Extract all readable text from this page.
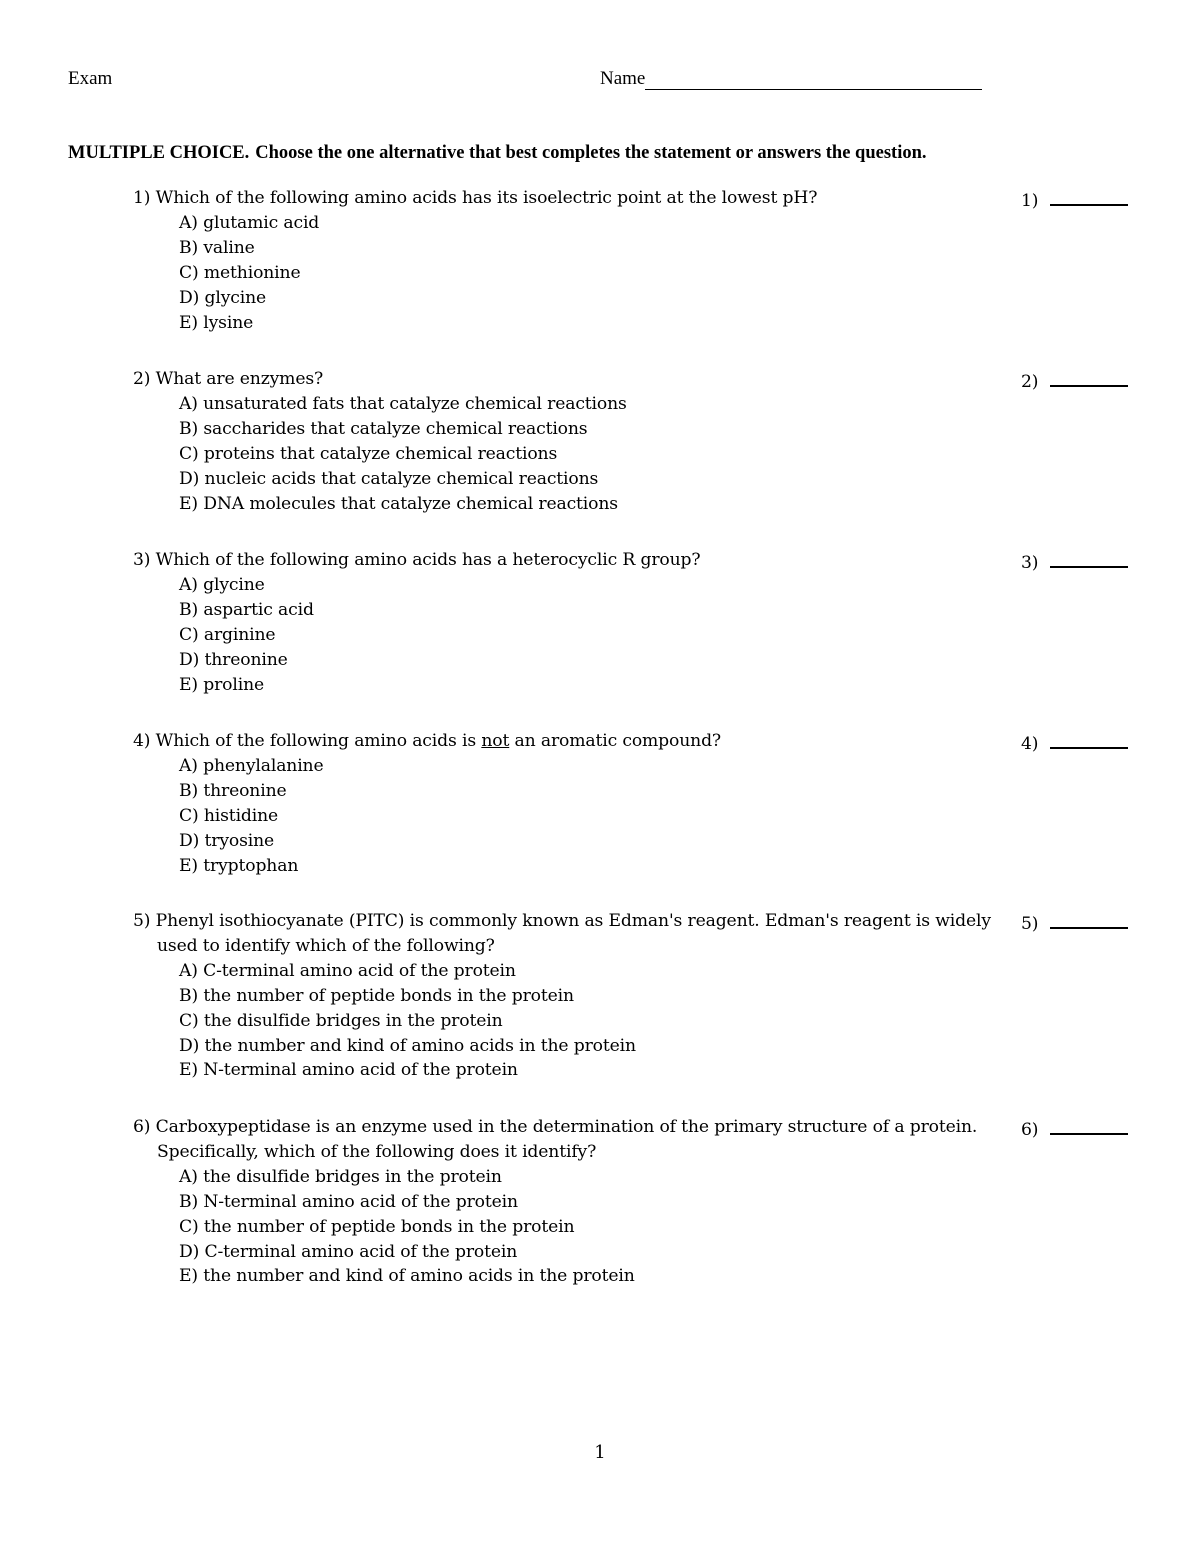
Exam	Name
MULTIPLE CHOICE. Choose the one alternative that best completes the statement or answers the question.
1) Which of the following amino acids has its isoelectric point at the lowest pH?
A) glutamic acid
B) valine
C) methionine
D) glycine
E) lysine
1)
2) What are enzymes?
A) unsaturated fats that catalyze chemical reactions
B) saccharides that catalyze chemical reactions
C) proteins that catalyze chemical reactions
D) nucleic acids that catalyze chemical reactions
E) DNA molecules that catalyze chemical reactions
2)
3) Which of the following amino acids has a heterocyclic R group?
A) glycine
B) aspartic acid
C) arginine
D) threonine
E) proline
3)
4) Which of the following amino acids is not an aromatic compound?
A) phenylalanine
B) threonine
C) histidine
D) tryosine
E) tryptophan
4)
5) Phenyl isothiocyanate (PITC) is commonly known as Edman's reagent. Edman's reagent is widely used to identify which of the following?
A) C-terminal amino acid of the protein
B) the number of peptide bonds in the protein
C) the disulfide bridges in the protein
D) the number and kind of amino acids in the protein
E) N-terminal amino acid of the protein
5)
6) Carboxypeptidase is an enzyme used in the determination of the primary structure of a protein. Specifically, which of the following does it identify?
A) the disulfide bridges in the protein
B) N-terminal amino acid of the protein
C) the number of peptide bonds in the protein
D) C-terminal amino acid of the protein
E) the number and kind of amino acids in the protein
6)
1
